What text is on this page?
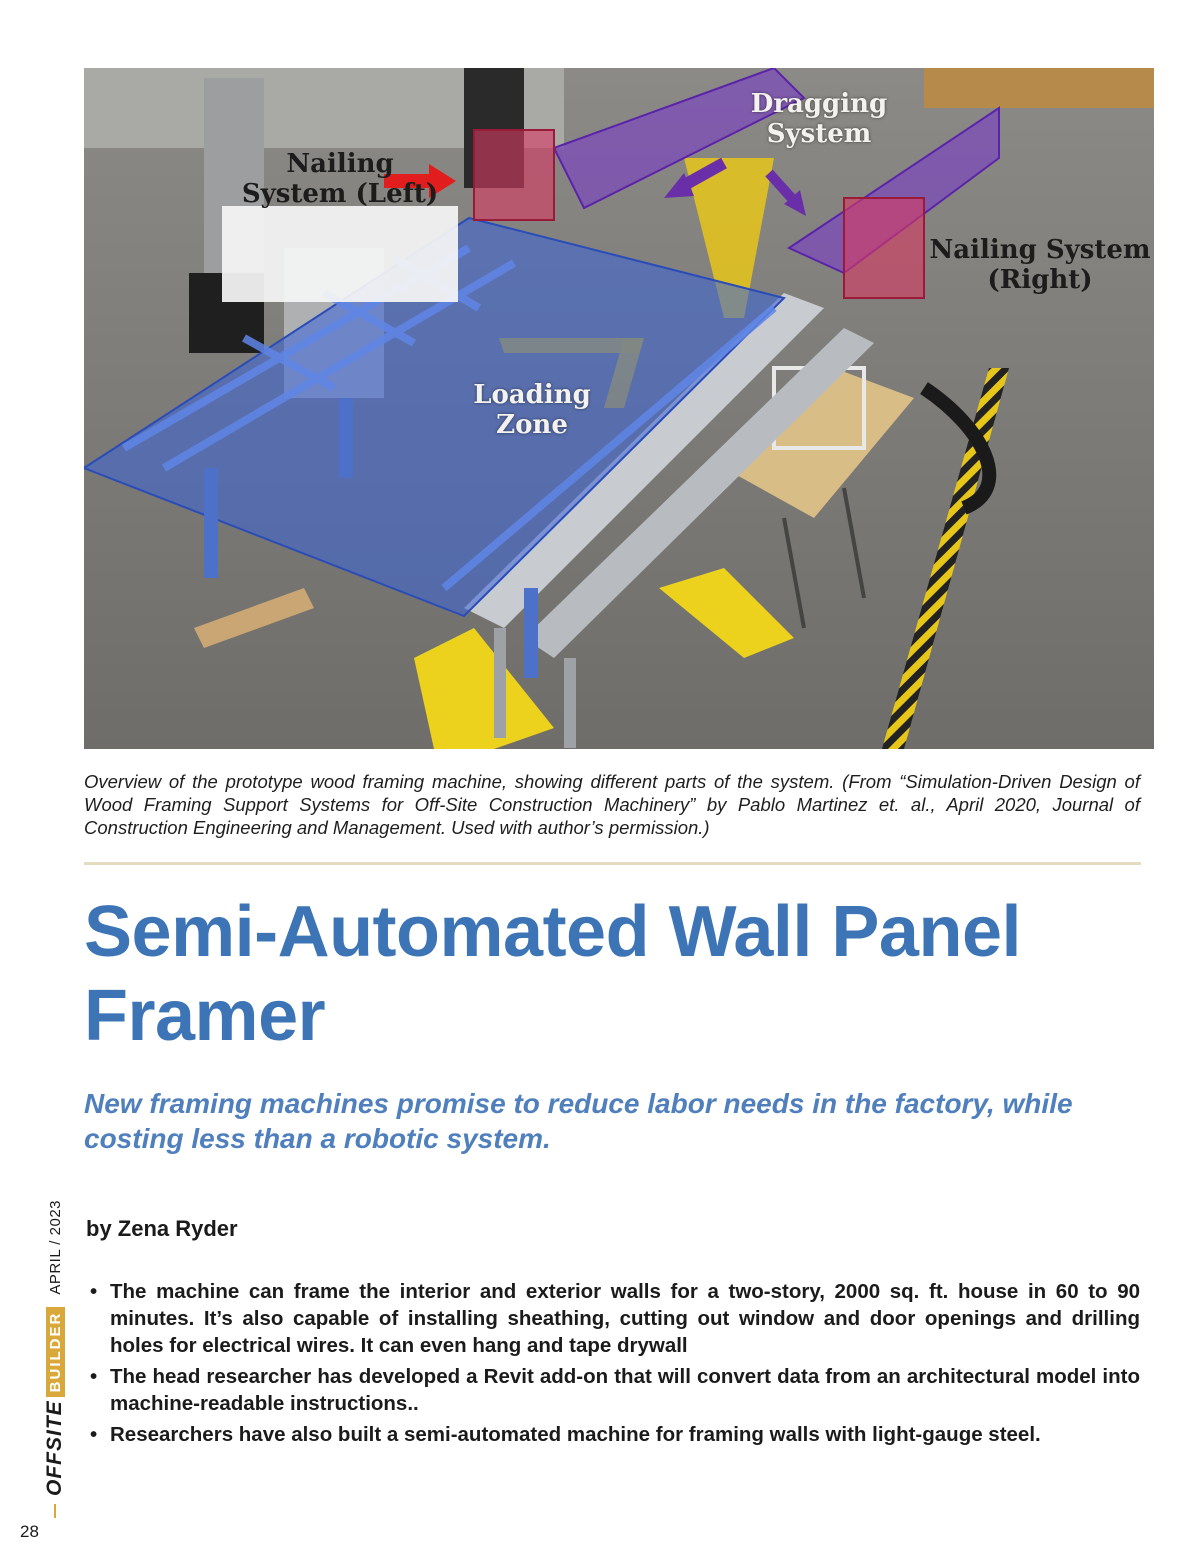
Nailing
System (Left)
Dragging
System
Nailing System
(Right)
Loading
Zone
Overview of the prototype wood framing machine, showing different parts of the system. (From “Simulation-Driven Design of Wood Framing Support Systems for Off-Site Construction Machinery” by Pablo Martinez et. al., April 2020, Journal of Construction Engineering and Management. Used with author’s permission.)
Semi-Automated Wall Panel Framer

New framing machines promise to reduce labor needs in the factory, while costing less than a robotic system.

by Zena Ryder

• The machine can frame the interior and exterior walls for a two-story, 2000 sq. ft. house in 60 to 90 minutes. It’s also capable of installing sheathing, cutting out window and door openings and drilling holes for electrical wires. It can even hang and tape drywall
• The head researcher has developed a Revit add-on that will convert data from an architectural model into machine-readable instructions..
• Researchers have also built a semi-automated machine for framing walls with light-gauge steel.
OFFSITE
BUILDER
APRIL / 2023
28
